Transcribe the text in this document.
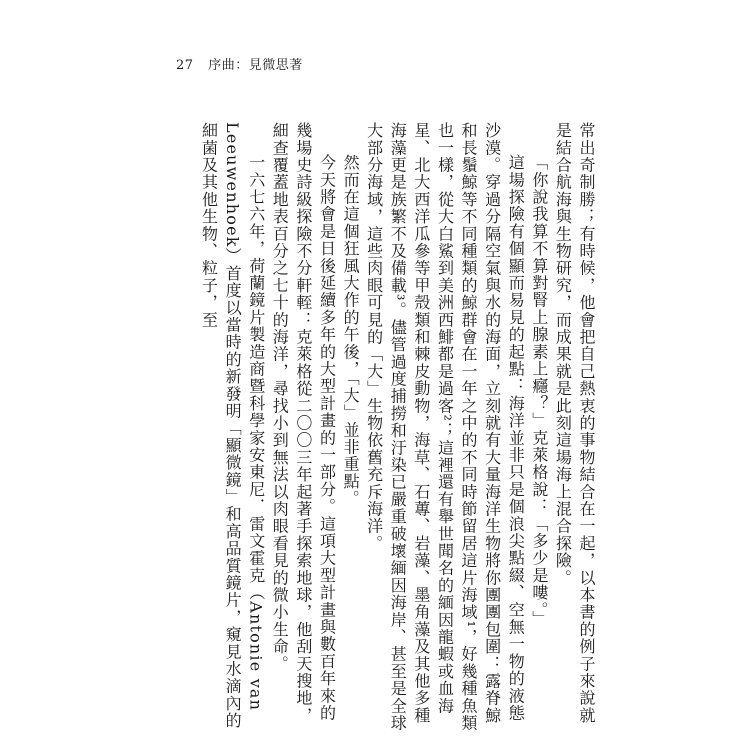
27 序曲：見微思著

常出奇制勝；有時候，他會把自己熱衷的事物結合在一起，以本書的例子來說就是結合航海與生物研究，而成果就是此刻這場海上混合探險。

「你說我算不算對腎上腺素上癮？」克萊格說：「多少是嘍。」

這場探險有個顯而易見的起點：海洋並非只是個浪尖點綴、空無一物的液態沙漠。穿過分隔空氣與水的海面，立刻就有大量海洋生物將你團團包圍：露脊鯨和長鬚鯨等不同種類的鯨群會在一年之中的不同時節留居這片海域¹，好幾種魚類也一樣，從大白鯊到美洲西鯡都是過客²；這裡還有舉世聞名的緬因龍蝦或血海星、北大西洋瓜參等甲殼類和棘皮動物，海草、石蓴、岩藻、墨角藻及其他多種海藻更是族繁不及備載³。儘管過度捕撈和汙染已嚴重破壞緬因海岸、甚至是全球大部分海域，這些肉眼可見的「大」生物依舊充斥海洋。

然而在這個狂風大作的午後，「大」並非重點。

今天將會是日後延續多年的大型計畫的一部分。這項大型計畫與數百年來的幾場史詩級探險不分軒輊：克萊格從二〇〇三年起著手探索地球，他刮天搜地，細查覆蓋地表百分之七十的海洋，尋找小到無法以肉眼看見的微小生命。

一六七六年，荷蘭鏡片製造商暨科學家安東尼．雷文霍克（Antonie van Leeuwenhoek）首度以當時的新發明「顯微鏡」和高品質鏡片，窺見水滴內的細菌及其他生物、粒子，至
